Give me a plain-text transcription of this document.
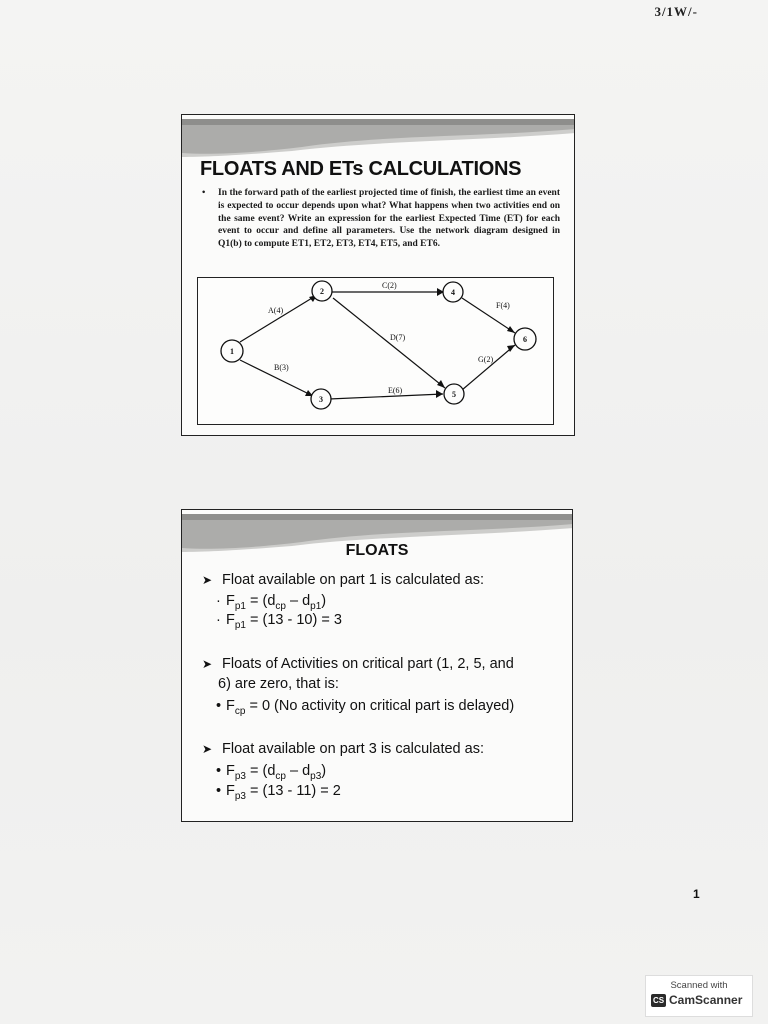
3/1W/-
FLOATS AND ETs CALCULATIONS
•	In the forward path of the earliest projected time of finish, the earliest time an event is expected to occur depends upon what? What happens when two activities end on the same event? Write an expression for the earliest Expected Time (ET) for each event to occur and define all parameters. Use the network diagram designed in Q1(b) to compute ET1, ET2, ET3, ET4, ET5, and ET6.
1
2
3
4
5
6
A(4)
B(3)
C(2)
D(7)
E(6)
F(4)
G(2)
FLOATS
➤ Float available on part 1 is calculated as:
· $F_{p1} = (d_{cp} - d_{p1})$
· $F_{p1} = (13 - 10) = 3$
➤ Floats of Activities on critical part (1, 2, 5, and
6) are zero, that is:
• $F_{cp} = 0$ (No activity on critical part is delayed)
➤ Float available on part 3 is calculated as:
• $F_{p3} = (d_{cp} - d_{p3})$
• $F_{p3} = (13 - 11) = 2$
1
Scanned with
CS CamScanner
